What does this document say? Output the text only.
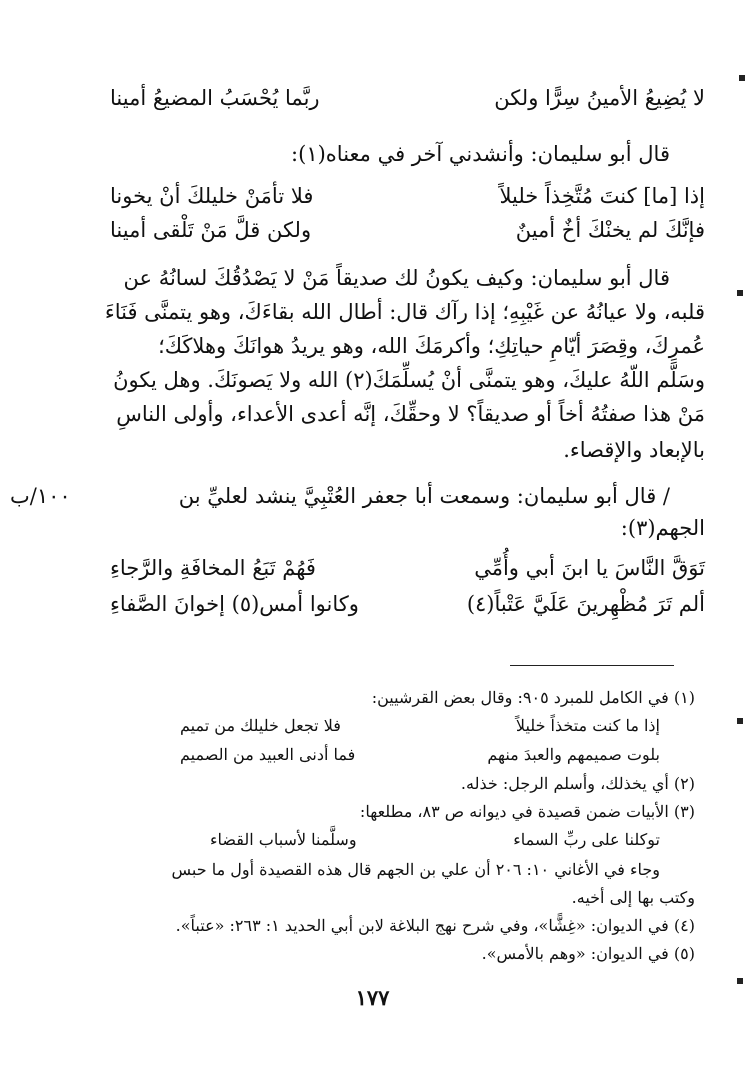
لا يُضِيعُ الأمينُ سِرًّا ولكن
ربَّما يُحْسَبُ المضيعُ أمينا
قال أبو سليمان: وأنشدني آخر في معناه(١):
إذا [ما] كنتَ مُتَّخِذاً خليلاً
فلا تأمَنْ خليلكَ أنْ يخونا
فإنَّكَ لم يخنْكَ أخٌ أمينٌ
ولكن قلَّ مَنْ تَلْقى أمينا
قال أبو سليمان: وكيف يكونُ لك صديقاً مَنْ لا يَصْدُقُكَ لسانُهُ عن
قلبه، ولا عيانُهُ عن غَيْبِهِ؛ إذا رآك قال: أطال الله بقاءَكَ، وهو يتمنَّى فَنَاءَ
عُمرِكَ، وقِصَرَ أيّامِ حياتِكِ؛ وأكرمَكَ الله، وهو يريدُ هوانَكَ وهلاكَكَ؛
وسَلَّم اللّهُ عليكَ، وهو يتمنَّى أنْ يُسلِّمَكَ(٢) الله ولا يَصونَكَ. وهل يكونُ
مَنْ هذا صفتُهُ أخاً أو صديقاً؟ لا وحقِّكَ، إنَّه أعدى الأعداء، وأولى الناسِ
بالإبعاد والإقصاء.
/ قال أبو سليمان: وسمعت أبا جعفر العُتْبِيَّ ينشد لعليِّ بن
١٠٠/ب
الجهم(٣):
تَوَقَّ النَّاسَ يا ابنَ أبي وأُمِّي
فَهُمْ تَبَعُ المخافَةِ والرَّجاءِ
ألم تَرَ مُظْهِرينَ عَلَيَّ عَتْباً(٤)
وكانوا أمس(٥) إخوانَ الصَّفاءِ
(١) في الكامل للمبرد ٩٠٥: وقال بعض القرشيين:
إذا ما كنت متخذاً خليلاً
فلا تجعل خليلك من تميم
بلوت صميمهم والعبدَ منهم
فما أدنى العبيد من الصميم
(٢) أي يخذلك، وأسلم الرجل: خذله.
(٣) الأبيات ضمن قصيدة في ديوانه ص ٨٣، مطلعها:
توكلنا على ربِّ السماء
وسلَّمنا لأسباب القضاء
وجاء في الأغاني ١٠: ٢٠٦ أن علي بن الجهم قال هذه القصيدة أول ما حبس
وكتب بها إلى أخيه.
(٤) في الديوان: «غِشًّا»، وفي شرح نهج البلاغة لابن أبي الحديد ١: ٢٦٣: «عتباً».
(٥) في الديوان: «وهم بالأمس».
١٧٧
